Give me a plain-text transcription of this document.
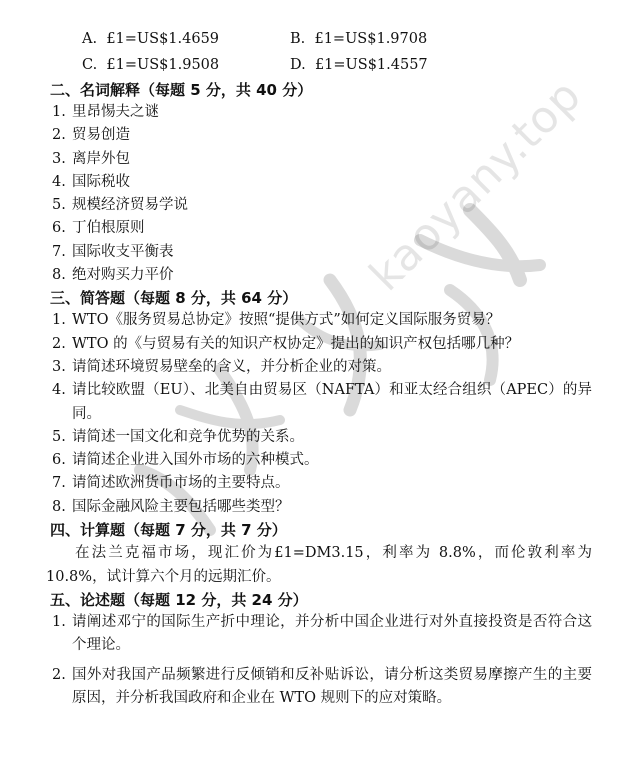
kaoyany.top
A. £1=US$1.4659	B. £1=US$1.9708
C. £1=US$1.9508	D. £1=US$1.4557
二、名词解释（每题 5 分，共 40 分）
1. 里昂惕夫之谜
2. 贸易创造
3. 离岸外包
4. 国际税收
5. 规模经济贸易学说
6. 丁伯根原则
7. 国际收支平衡表
8. 绝对购买力平价
三、简答题（每题 8 分，共 64 分）
1. WTO《服务贸易总协定》按照“提供方式”如何定义国际服务贸易？
2. WTO 的《与贸易有关的知识产权协定》提出的知识产权包括哪几种？
3. 请简述环境贸易壁垒的含义，并分析企业的对策。
4. 请比较欧盟（EU）、北美自由贸易区（NAFTA）和亚太经合组织（APEC）的异同。
5. 请简述一国文化和竞争优势的关系。
6. 请简述企业进入国外市场的六种模式。
7. 请简述欧洲货币市场的主要特点。
8. 国际金融风险主要包括哪些类型？
四、计算题（每题 7 分，共 7 分）
在法兰克福市场，现汇价为£1=DM3.15，利率为 8.8%，而伦敦利率为 10.8%，试计算六个月的远期汇价。
五、论述题（每题 12 分，共 24 分）
1. 请阐述邓宁的国际生产折中理论，并分析中国企业进行对外直接投资是否符合这个理论。
2. 国外对我国产品频繁进行反倾销和反补贴诉讼，请分析这类贸易摩擦产生的主要原因，并分析我国政府和企业在 WTO 规则下的应对策略。
